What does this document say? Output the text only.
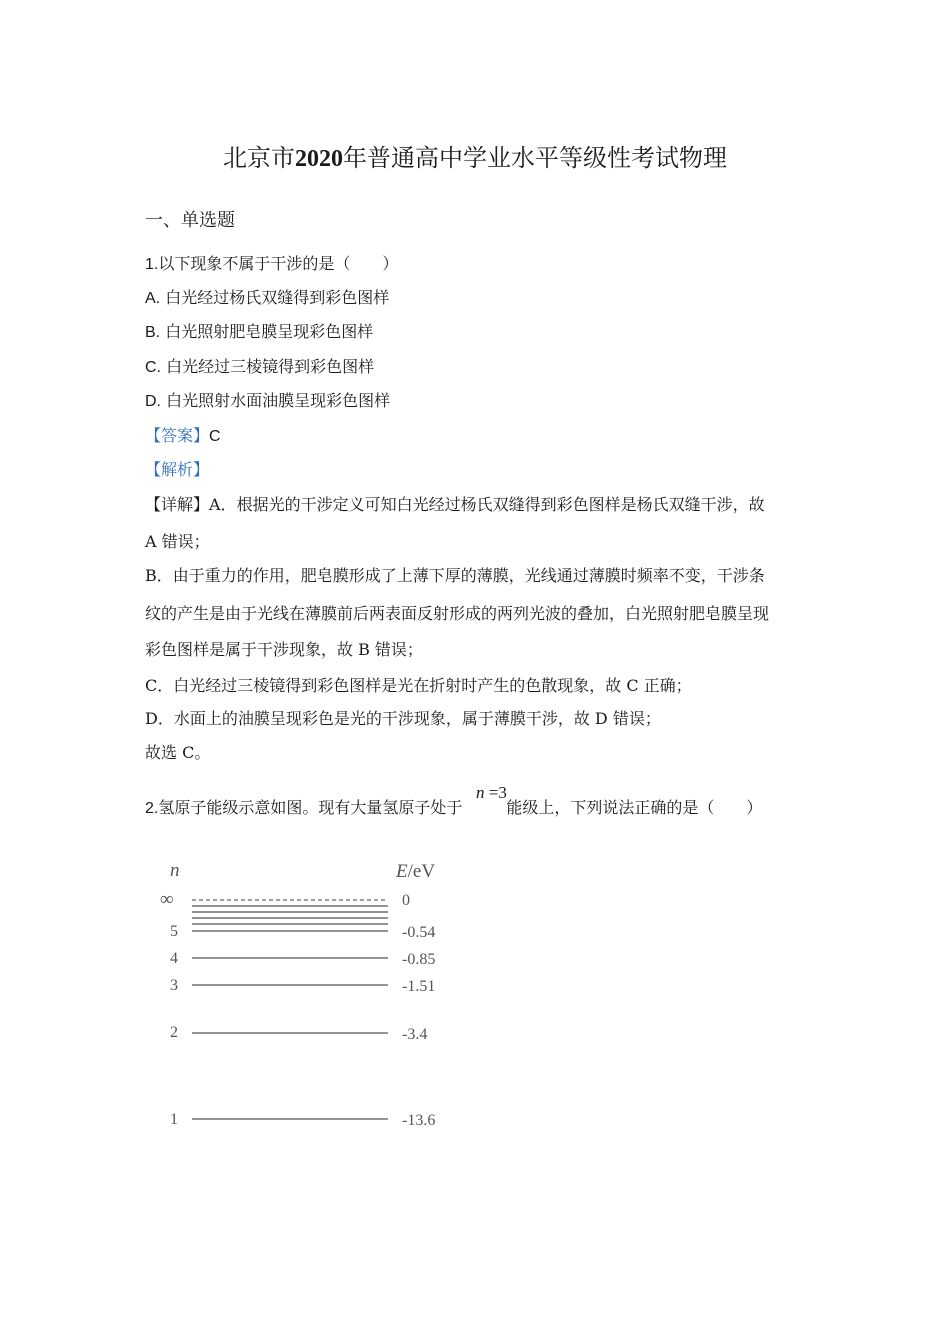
北京市2020年普通高中学业水平等级性考试物理
一、单选题
1.以下现象不属于干涉的是（　　）
A. 白光经过杨氏双缝得到彩色图样
B. 白光照射肥皂膜呈现彩色图样
C. 白光经过三棱镜得到彩色图样
D. 白光照射水面油膜呈现彩色图样
【答案】C
【解析】
【详解】A．根据光的干涉定义可知白光经过杨氏双缝得到彩色图样是杨氏双缝干涉，故
A 错误；
B．由于重力的作用，肥皂膜形成了上薄下厚的薄膜，光线通过薄膜时频率不变，干涉条
纹的产生是由于光线在薄膜前后两表面反射形成的两列光波的叠加，白光照射肥皂膜呈现
彩色图样是属于干涉现象，故 B 错误；
C．白光经过三棱镜得到彩色图样是光在折射时产生的色散现象，故 C 正确；
D．水面上的油膜呈现彩色是光的干涉现象，属于薄膜干涉，故 D 错误；
故选 C。
2.氢原子能级示意如图。现有大量氢原子处于	能级上，下列说法正确的是（　　）
n =3
n	E/eV
∞	0
5	-0.54
4	-0.85
3	-1.51
2	-3.4
1	-13.6
